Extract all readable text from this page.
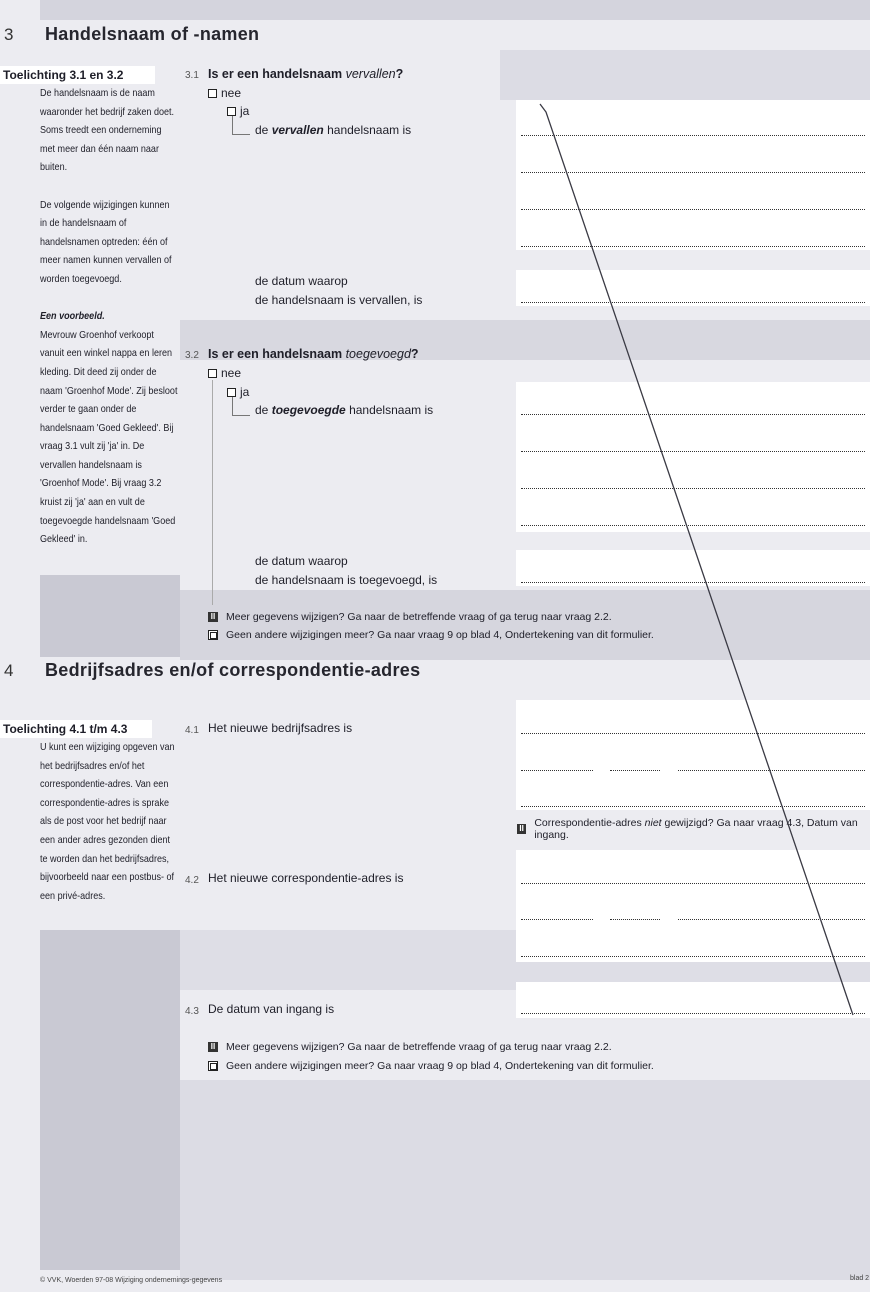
3 Handelsnaam of -namen
Toelichting 3.1 en 3.2

De handelsnaam is de naam waaronder het bedrijf zaken doet. Soms treedt een onderneming met meer dan één naam naar buiten.

De volgende wijzigingen kunnen in de handelsnaam of handelsnamen optreden: één of meer namen kunnen vervallen of worden toegevoegd.

Een voorbeeld.
Mevrouw Groenhof verkoopt vanuit een winkel nappa en leren kleding. Dit deed zij onder de naam 'Groenhof Mode'. Zij besloot verder te gaan onder de handelsnaam 'Goed Gekleed'. Bij vraag 3.1 vult zij 'ja' in. De vervallen handelsnaam is 'Groenhof Mode'. Bij vraag 3.2 kruist zij 'ja' aan en vult de toegevoegde handelsnaam 'Goed Gekleed' in.
3.1 Is er een handelsnaam vervallen?
nee
ja
de vervallen handelsnaam is
de datum waarop
de handelsnaam is vervallen, is
3.2 Is er een handelsnaam toegevoegd?
nee
ja
de toegevoegde handelsnaam is
de datum waarop
de handelsnaam is toegevoegd, is
II Meer gegevens wijzigen? Ga naar de betreffende vraag of ga terug naar vraag 2.2.
Geen andere wijzigingen meer? Ga naar vraag 9 op blad 4, Ondertekening van dit formulier.
4 Bedrijfsadres en/of correspondentie-adres
Toelichting 4.1 t/m 4.3

U kunt een wijziging opgeven van het bedrijfsadres en/of het correspondentie-adres. Van een correspondentie-adres is sprake als de post voor het bedrijf naar een ander adres gezonden dient te worden dan het bedrijfsadres, bijvoorbeeld naar een postbus- of een privé-adres.

4.1 Het nieuwe bedrijfsadres is
II Correspondentie-adres niet gewijzigd? Ga naar vraag 4.3, Datum van ingang.
4.2 Het nieuwe correspondentie-adres is
4.3 De datum van ingang is
II Meer gegevens wijzigen? Ga naar de betreffende vraag of ga terug naar vraag 2.2.
Geen andere wijzigingen meer? Ga naar vraag 9 op blad 4, Ondertekening van dit formulier.
© VVK, Woerden 97-08 Wijziging ondernemings-gegevens	blad 2
